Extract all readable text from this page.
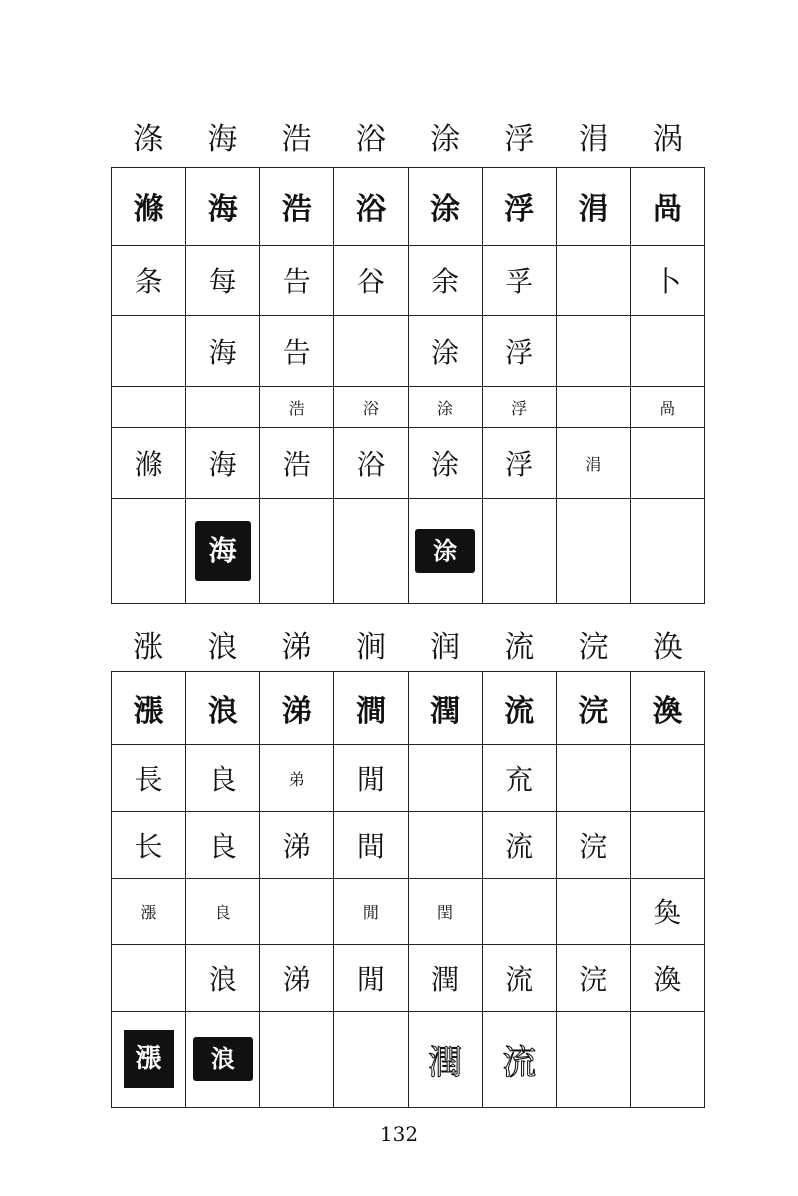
涤	海	浩	浴	涂	浮	涓	涡
滌	海	浩	浴	涂	浮	涓	咼
条	每	告	谷	余	孚		卜
	海	告		涂	浮		
		浩	浴	涂	浮		咼
滌	海	浩	浴	涂	浮	涓	
	海			涂			
涨	浪	涕	涧	润	流	浣	涣
漲	浪	涕	澗	潤	流	浣	渙
長	良	弟	閒		㐬		
长	良	涕	間		流	浣	
漲	良		閒	閏			奐
	浪	涕	閒	潤	流	浣	渙
漲	浪			潤	流		
132
